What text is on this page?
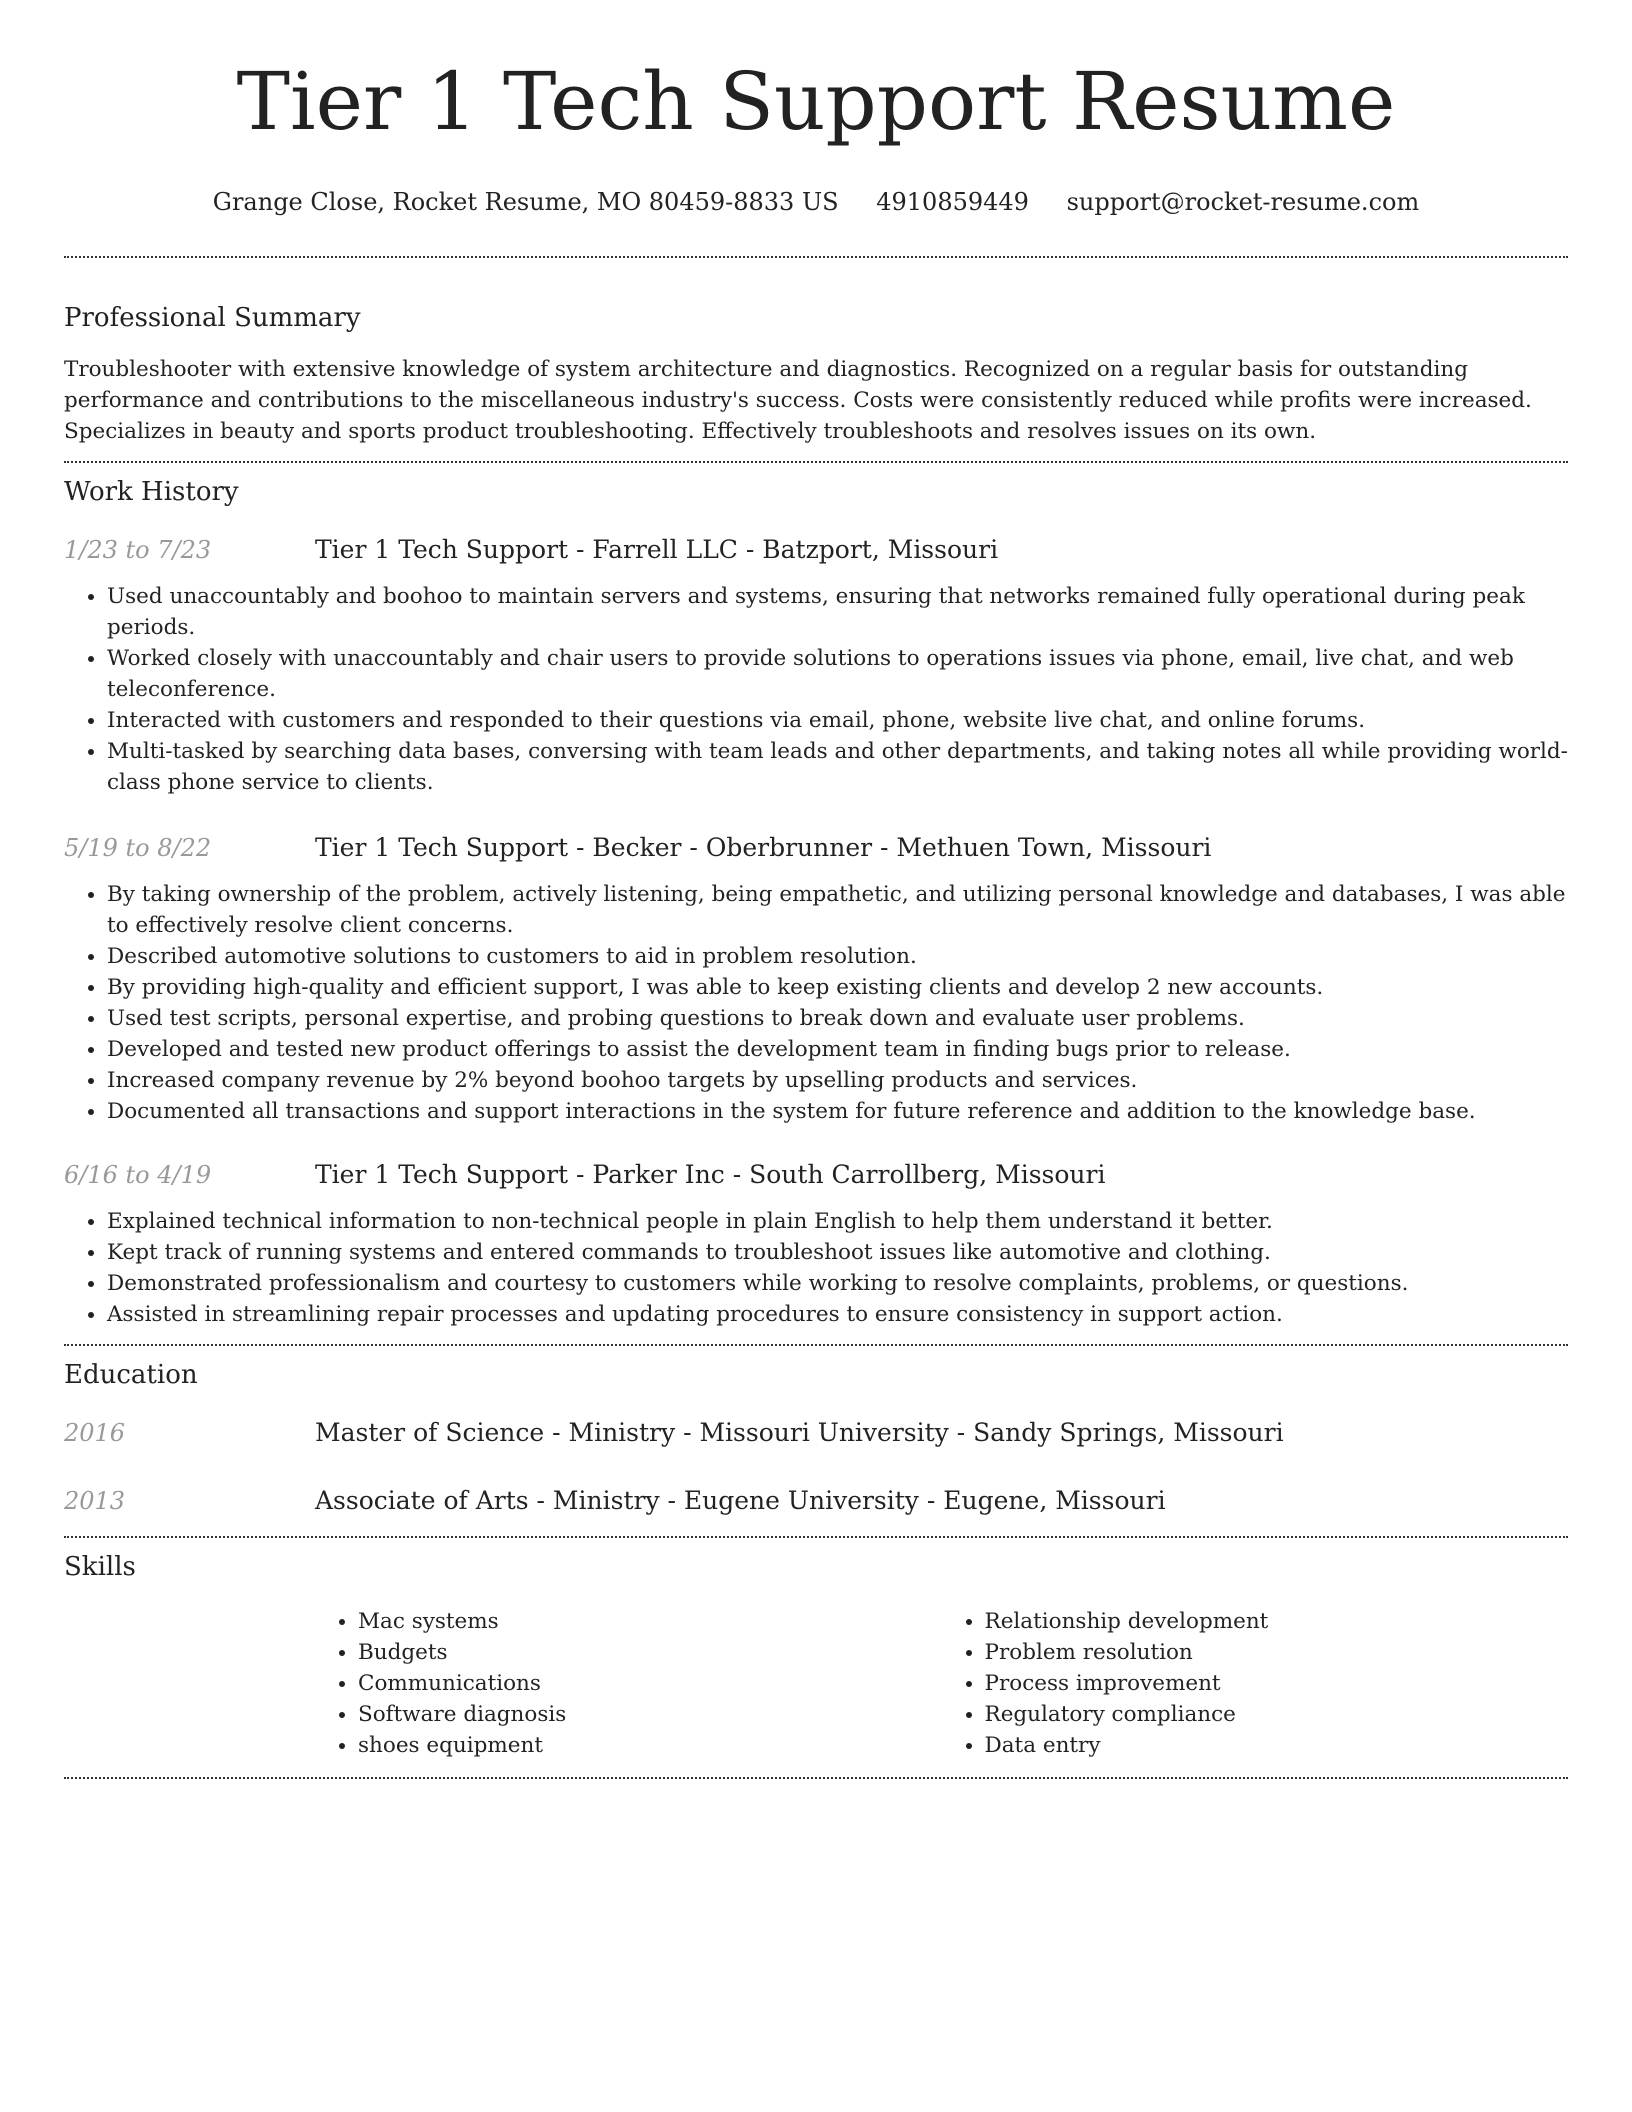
Tier 1 Tech Support Resume
Grange Close, Rocket Resume, MO 80459-8833 US 4910859449 support@rocket-resume.com
Professional Summary

Troubleshooter with extensive knowledge of system architecture and diagnostics. Recognized on a regular basis for outstanding performance and contributions to the miscellaneous industry's success. Costs were consistently reduced while profits were increased. Specializes in beauty and sports product troubleshooting. Effectively troubleshoots and resolves issues on its own.

Work History
1/23 to 7/23	Tier 1 Tech Support - Farrell LLC - Batzport, Missouri
• Used unaccountably and boohoo to maintain servers and systems, ensuring that networks remained fully operational during peak periods.
• Worked closely with unaccountably and chair users to provide solutions to operations issues via phone, email, live chat, and web teleconference.
• Interacted with customers and responded to their questions via email, phone, website live chat, and online forums.
• Multi-tasked by searching data bases, conversing with team leads and other departments, and taking notes all while providing world-class phone service to clients.
5/19 to 8/22	Tier 1 Tech Support - Becker - Oberbrunner - Methuen Town, Missouri
• By taking ownership of the problem, actively listening, being empathetic, and utilizing personal knowledge and databases, I was able to effectively resolve client concerns.
• Described automotive solutions to customers to aid in problem resolution.
• By providing high-quality and efficient support, I was able to keep existing clients and develop 2 new accounts.
• Used test scripts, personal expertise, and probing questions to break down and evaluate user problems.
• Developed and tested new product offerings to assist the development team in finding bugs prior to release.
• Increased company revenue by 2% beyond boohoo targets by upselling products and services.
• Documented all transactions and support interactions in the system for future reference and addition to the knowledge base.
6/16 to 4/19	Tier 1 Tech Support - Parker Inc - South Carrollberg, Missouri
• Explained technical information to non-technical people in plain English to help them understand it better.
• Kept track of running systems and entered commands to troubleshoot issues like automotive and clothing.
• Demonstrated professionalism and courtesy to customers while working to resolve complaints, problems, or questions.
• Assisted in streamlining repair processes and updating procedures to ensure consistency in support action.
Education
2016	Master of Science - Ministry - Missouri University - Sandy Springs, Missouri
2013	Associate of Arts - Ministry - Eugene University - Eugene, Missouri
Skills
• Mac systems
• Budgets
• Communications
• Software diagnosis
• shoes equipment
• Relationship development
• Problem resolution
• Process improvement
• Regulatory compliance
• Data entry
